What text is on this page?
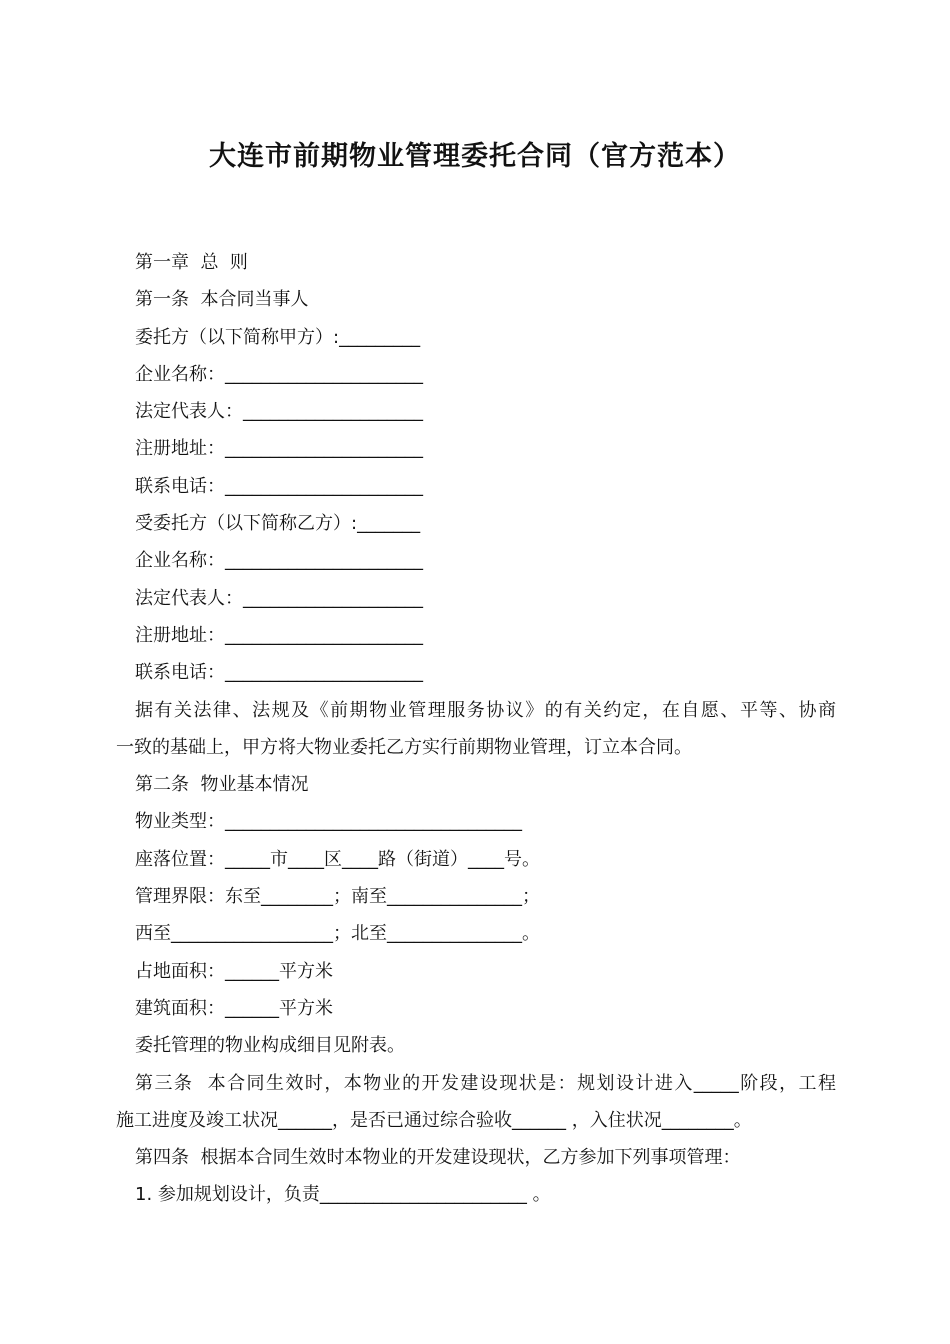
大连市前期物业管理委托合同（官方范本）
第一章  总  则
第一条  本合同当事人
委托方（以下简称甲方）:_________
企业名称：______________________
法定代表人：____________________
注册地址：______________________
联系电话：______________________
受委托方（以下简称乙方）:_______
企业名称：______________________
法定代表人：____________________
注册地址：______________________
联系电话：______________________
据有关法律、法规及《前期物业管理服务协议》的有关约定，在自愿、平等、协商
一致的基础上，甲方将大物业委托乙方实行前期物业管理，订立本合同。
第二条  物业基本情况
物业类型：_________________________________
座落位置：_____市____区____路（街道）____号。
管理界限：东至________；南至_______________；
西至__________________；北至_______________。
占地面积：______平方米
建筑面积：______平方米
委托管理的物业构成细目见附表。
第三条  本合同生效时，本物业的开发建设现状是：规划设计进入_____阶段，工程
施工进度及竣工状况______，是否已通过综合验收______ ，入住状况________。
第四条  根据本合同生效时本物业的开发建设现状，乙方参加下列事项管理：
1. 参加规划设计，负责_______________________ 。
